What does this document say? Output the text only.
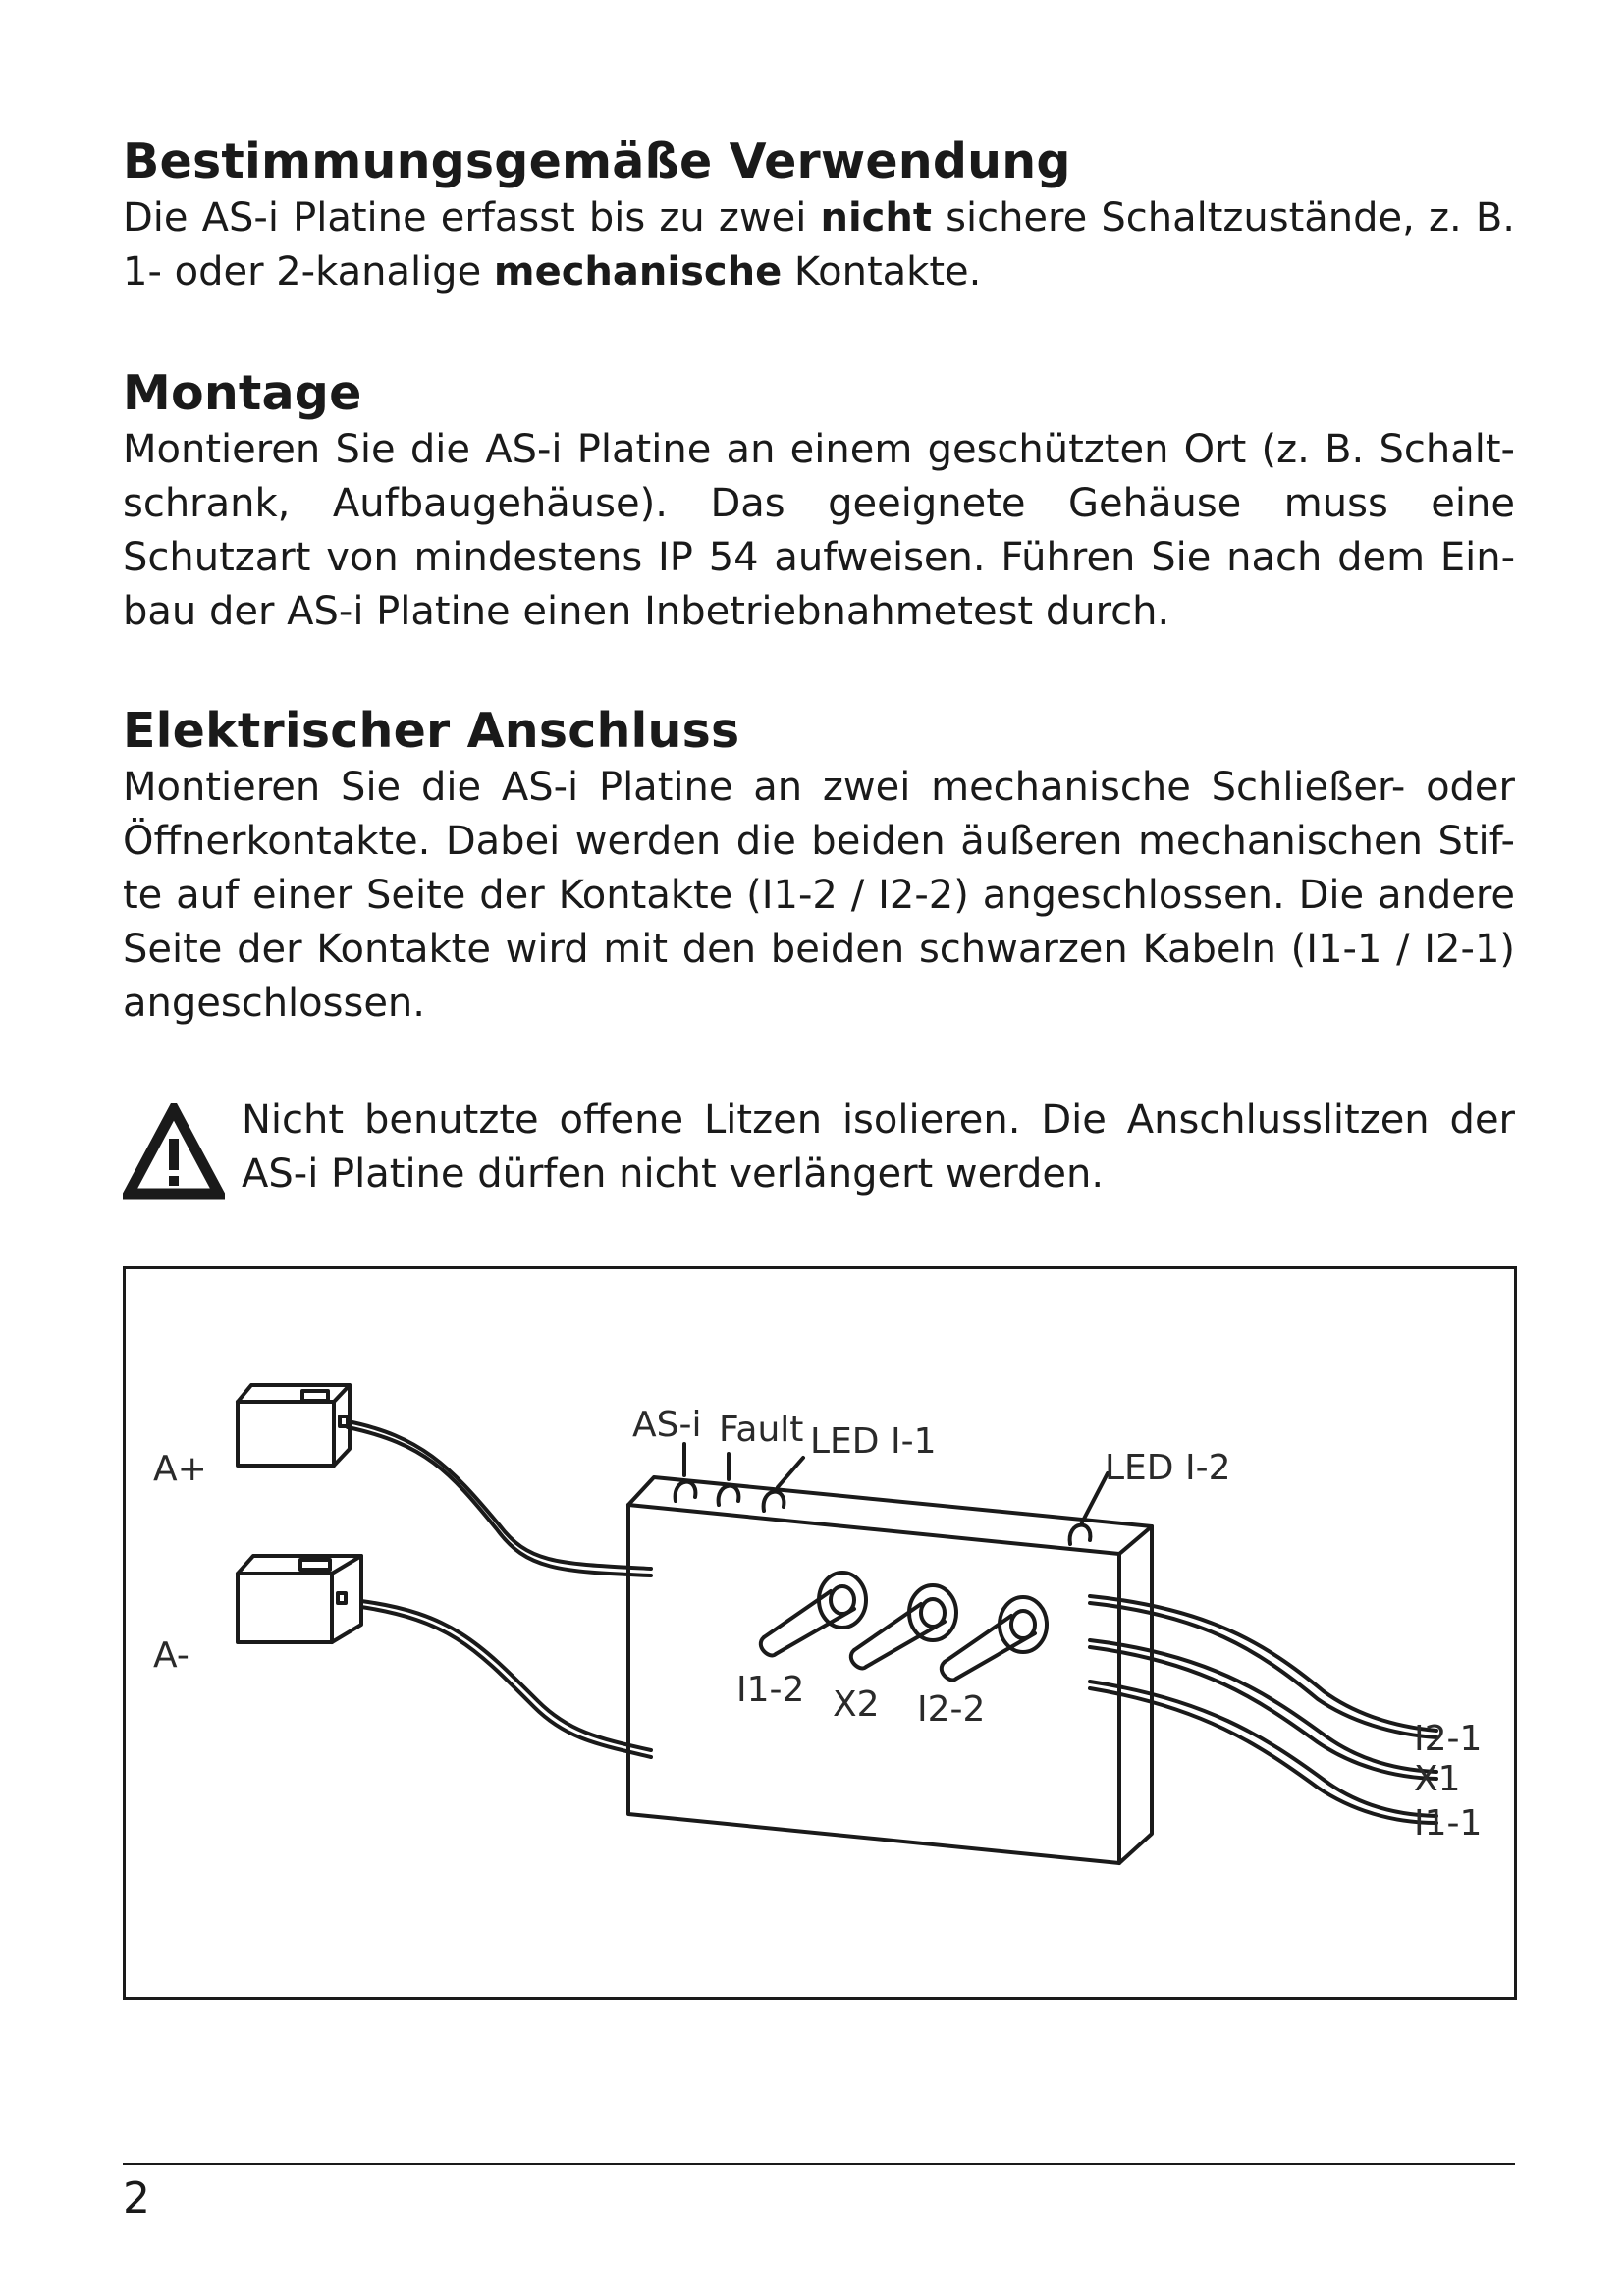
Bestimmungsgemäße Verwendung

Die AS-i Platine erfasst bis zu zwei nicht sichere Schaltzustände, z. B.
1- oder 2-kanalige mechanische Kontakte.

Montage

Montieren Sie die AS-i Platine an einem geschützten Ort (z. B. Schalt-
schrank, Aufbaugehäuse). Das geeignete Gehäuse muss eine
Schutzart von mindestens IP 54 aufweisen. Führen Sie nach dem Ein-
bau der AS-i Platine einen Inbetriebnahmetest durch.

Elektrischer Anschluss

Montieren Sie die AS-i Platine an zwei mechanische Schließer- oder
Öffnerkontakte. Dabei werden die beiden äußeren mechanischen Stif-
te auf einer Seite der Kontakte (I1-2 / I2-2) angeschlossen. Die andere
Seite der Kontakte wird mit den beiden schwarzen Kabeln (I1-1 / I2-1)
angeschlossen.

Nicht benutzte offene Litzen isolieren. Die Anschlusslitzen der
AS-i Platine dürfen nicht verlängert werden.
A+
A-
AS-i Fault LED I-1
LED I-2
I1-2 X2 I2-2
I2-1
X1
I1-1
2
